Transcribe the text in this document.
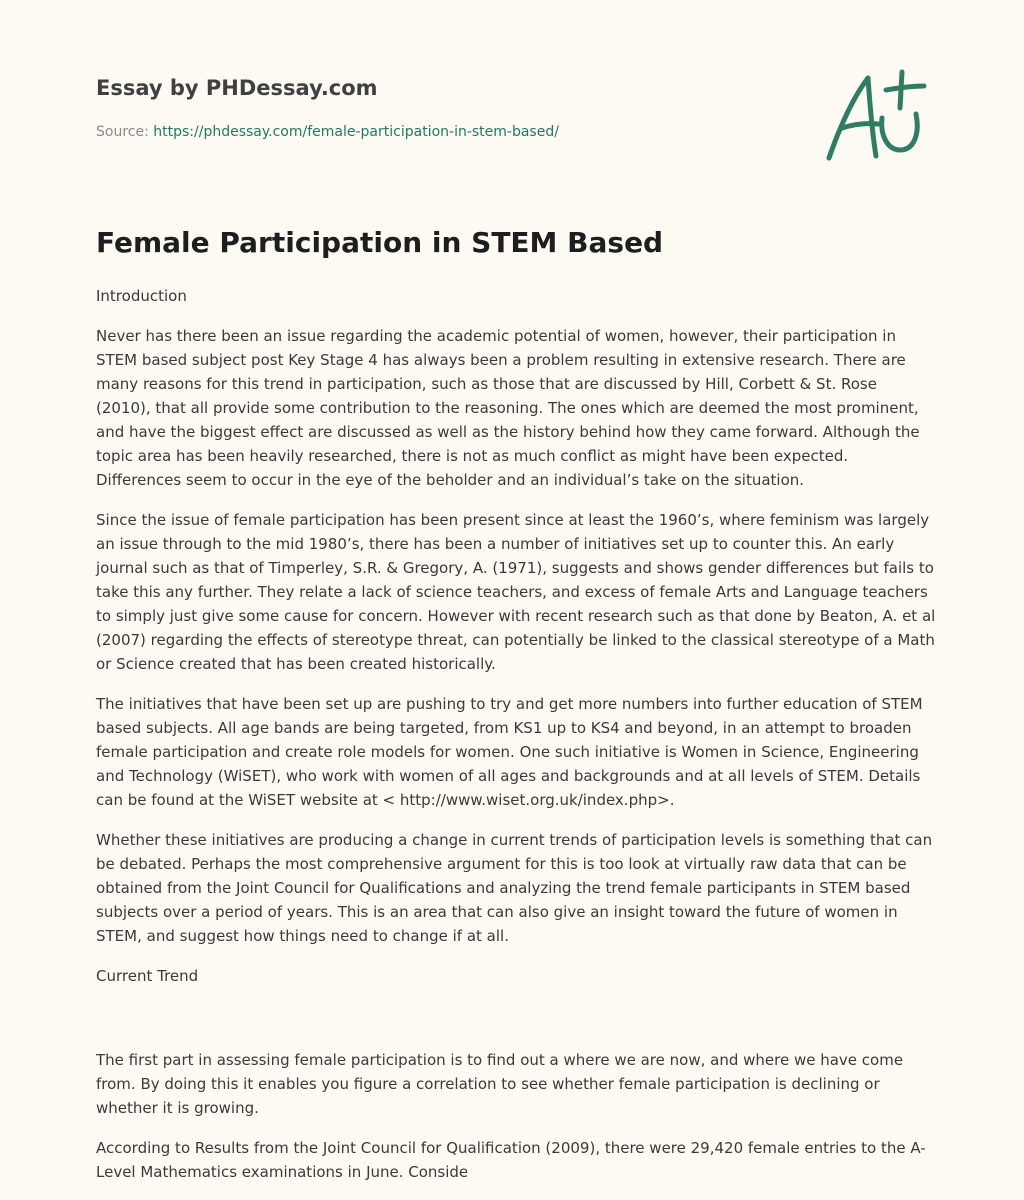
Essay by PHDessay.com
Source: https://phdessay.com/female-participation-in-stem-based/
Female Participation in STEM Based

Introduction

Never has there been an issue regarding the academic potential of women, however, their participation in STEM based subject post Key Stage 4 has always been a problem resulting in extensive research. There are many reasons for this trend in participation, such as those that are discussed by Hill, Corbett & St. Rose (2010), that all provide some contribution to the reasoning. The ones which are deemed the most prominent, and have the biggest effect are discussed as well as the history behind how they came forward. Although the topic area has been heavily researched, there is not as much conflict as might have been expected. Differences seem to occur in the eye of the beholder and an individual’s take on the situation.

Since the issue of female participation has been present since at least the 1960’s, where feminism was largely an issue through to the mid 1980’s, there has been a number of initiatives set up to counter this. An early journal such as that of Timperley, S.R. & Gregory, A. (1971), suggests and shows gender differences but fails to take this any further. They relate a lack of science teachers, and excess of female Arts and Language teachers to simply just give some cause for concern. However with recent research such as that done by Beaton, A. et al (2007) regarding the effects of stereotype threat, can potentially be linked to the classical stereotype of a Math or Science created that has been created historically.

The initiatives that have been set up are pushing to try and get more numbers into further education of STEM based subjects. All age bands are being targeted, from KS1 up to KS4 and beyond, in an attempt to broaden female participation and create role models for women. One such initiative is Women in Science, Engineering and Technology (WiSET), who work with women of all ages and backgrounds and at all levels of STEM. Details can be found at the WiSET website at < http://www.wiset.org.uk/index.php>.

Whether these initiatives are producing a change in current trends of participation levels is something that can be debated. Perhaps the most comprehensive argument for this is too look at virtually raw data that can be obtained from the Joint Council for Qualifications and analyzing the trend female participants in STEM based subjects over a period of years. This is an area that can also give an insight toward the future of women in STEM, and suggest how things need to change if at all.

Current Trend

The first part in assessing female participation is to find out a where we are now, and where we have come from. By doing this it enables you figure a correlation to see whether female participation is declining or whether it is growing.

According to Results from the Joint Council for Qualification (2009), there were 29,420 female entries to the A-Level Mathematics examinations in June. Conside
